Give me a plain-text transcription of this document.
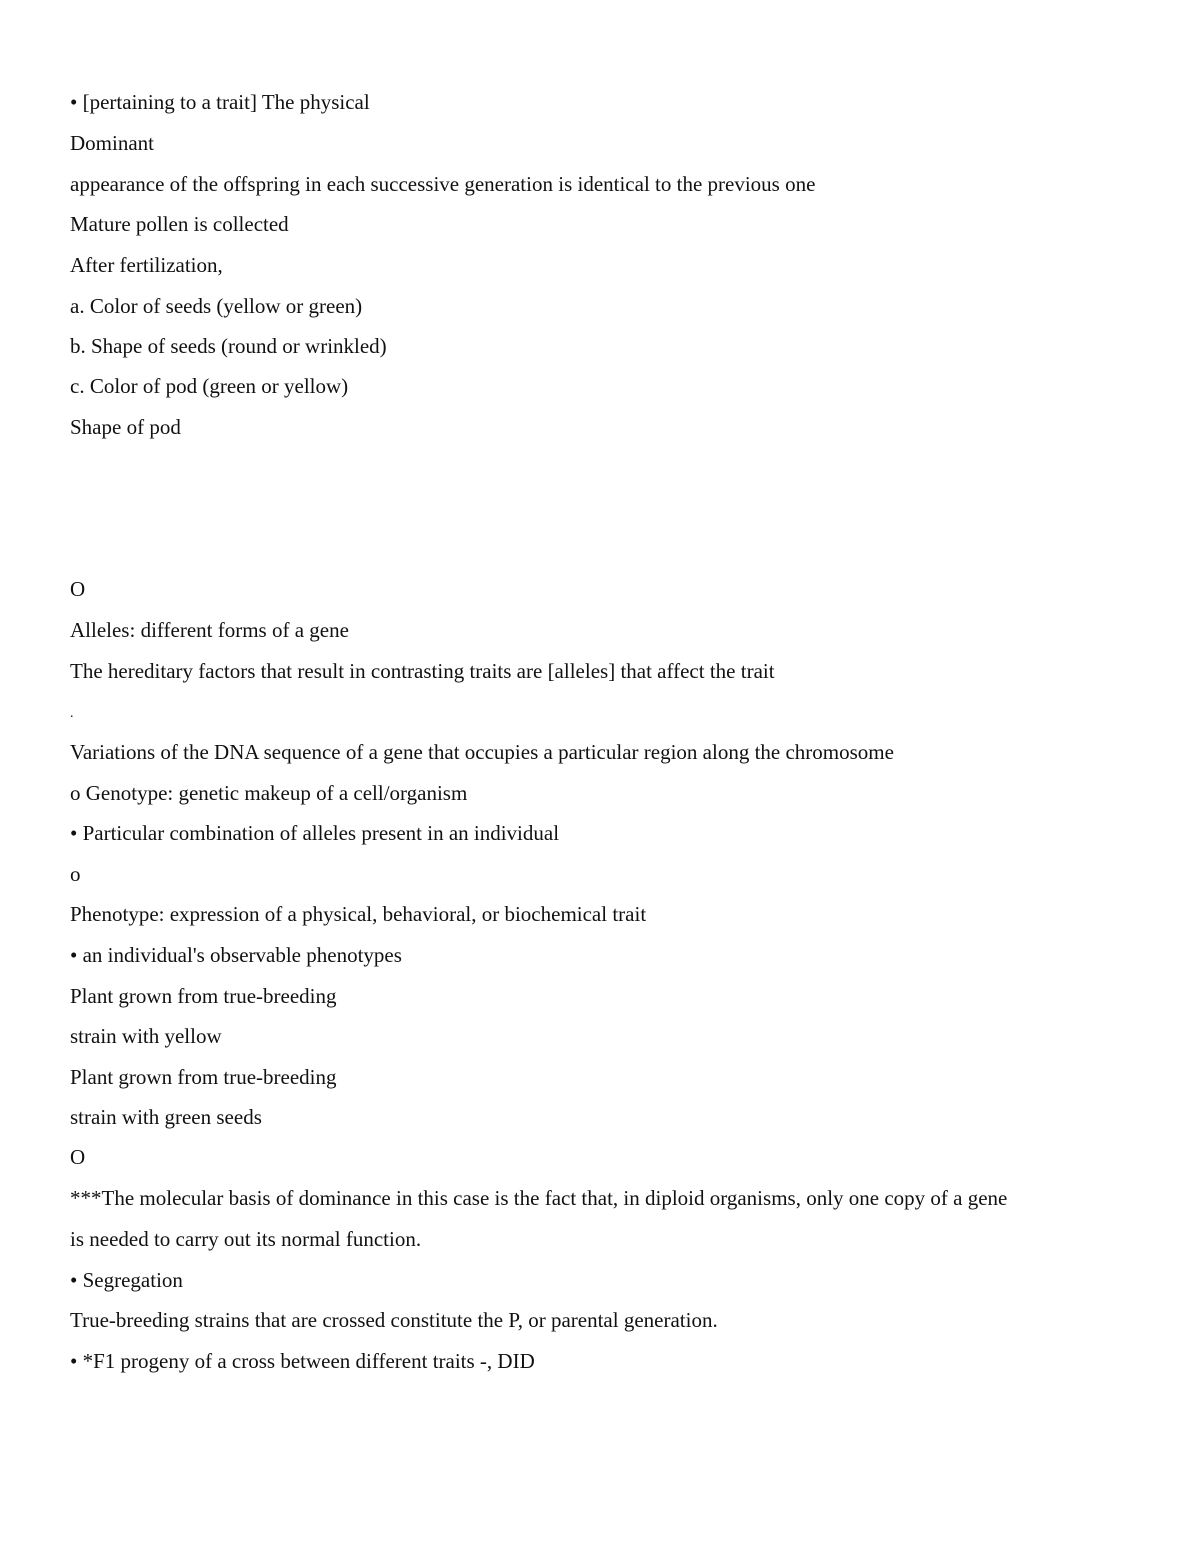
• [pertaining to a trait] The physical
Dominant
appearance of the offspring in each successive generation is identical to the previous one
Mature pollen is collected
After fertilization,
a. Color of seeds (yellow or green)
b. Shape of seeds (round or wrinkled)
c. Color of pod (green or yellow)
Shape of pod
O
Alleles: different forms of a gene
The hereditary factors that result in contrasting traits are [alleles] that affect the trait
.
Variations of the DNA sequence of a gene that occupies a particular region along the chromosome
o Genotype: genetic makeup of a cell/organism
• Particular combination of alleles present in an individual
o
Phenotype: expression of a physical, behavioral, or biochemical trait
• an individual's observable phenotypes
Plant grown from true-breeding
strain with yellow
Plant grown from true-breeding
strain with green seeds
O
***The molecular basis of dominance in this case is the fact that, in diploid organisms, only one copy of a gene
is needed to carry out its normal function.
• Segregation
True-breeding strains that are crossed constitute the P, or parental generation.
• *F1 progeny of a cross between different traits -, DID
